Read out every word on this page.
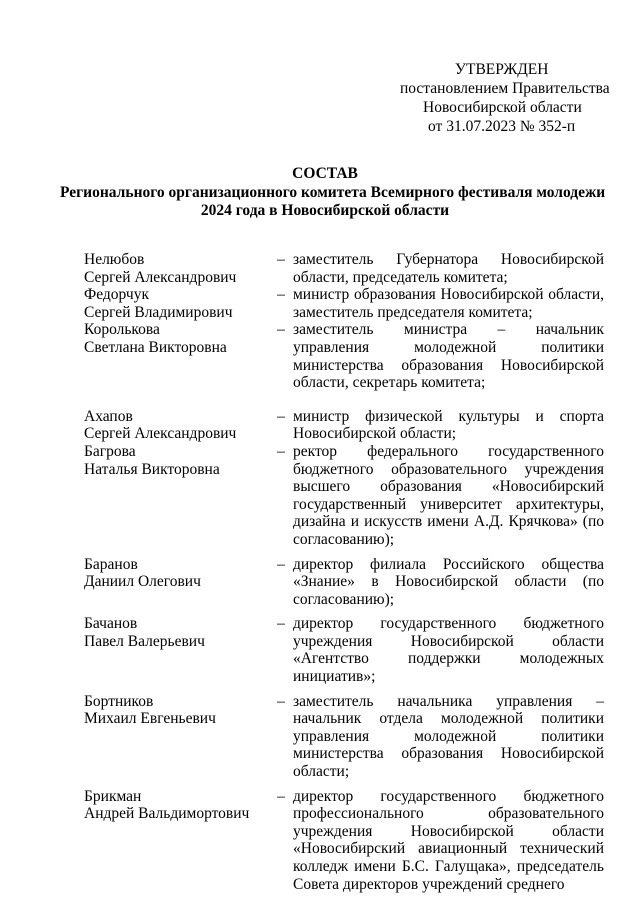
УТВЕРЖДЕН
постановлением Правительства
Новосибирской области
от 31.07.2023 № 352-п
СОСТАВ
Регионального организационного комитета Всемирного фестиваля молодежи
2024 года в Новосибирской области
Нелюбов
Сергей Александрович
– заместитель Губернатора Новосибирской области, председатель комитета;
Федорчук
Сергей Владимирович
– министр образования Новосибирской области, заместитель председателя комитета;
Королькова
Светлана Викторовна
– заместитель министра – начальник управления молодежной политики министерства образования Новосибирской области, секретарь комитета;
Ахапов
Сергей Александрович
– министр физической культуры и спорта Новосибирской области;
Багрова
Наталья Викторовна
– ректор федерального государственного бюджетного образовательного учреждения высшего образования «Новосибирский государственный университет архитектуры, дизайна и искусств имени А.Д. Крячкова» (по согласованию);
Баранов
Даниил Олегович
– директор филиала Российского общества «Знание» в Новосибирской области (по согласованию);
Бачанов
Павел Валерьевич
– директор государственного бюджетного учреждения Новосибирской области «Агентство поддержки молодежных инициатив»;
Бортников
Михаил Евгеньевич
– заместитель начальника управления – начальник отдела молодежной политики управления молодежной политики министерства образования Новосибирской области;
Брикман
Андрей Вальдимортович
– директор государственного бюджетного профессионального образовательного учреждения Новосибирской области «Новосибирский авиационный технический колледж имени Б.С. Галущака», председатель Совета директоров учреждений среднего
